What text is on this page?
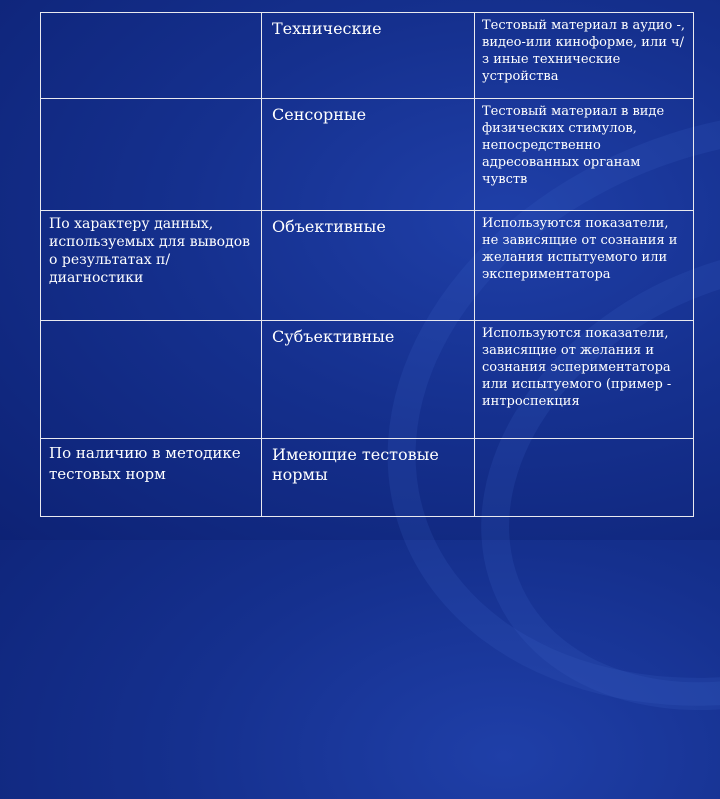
	Технические	Тестовый материал в аудио -, видео-или киноформе, или ч/з иные технические устройства

	Сенсорные	Тестовый материал в виде физических стимулов, непосредственно адресованных органам чувств
По характеру данных, используемых для выводов о результатах п/диагностики	Объективные	Используются показатели, не зависящие от сознания и желания испытуемого или экспериментатора

	Субъективные	Используются показатели, зависящие от желания и сознания эспериментатора или испытуемого (пример - интроспекция
По наличию в методике тестовых норм	Имеющие тестовые нормы	
